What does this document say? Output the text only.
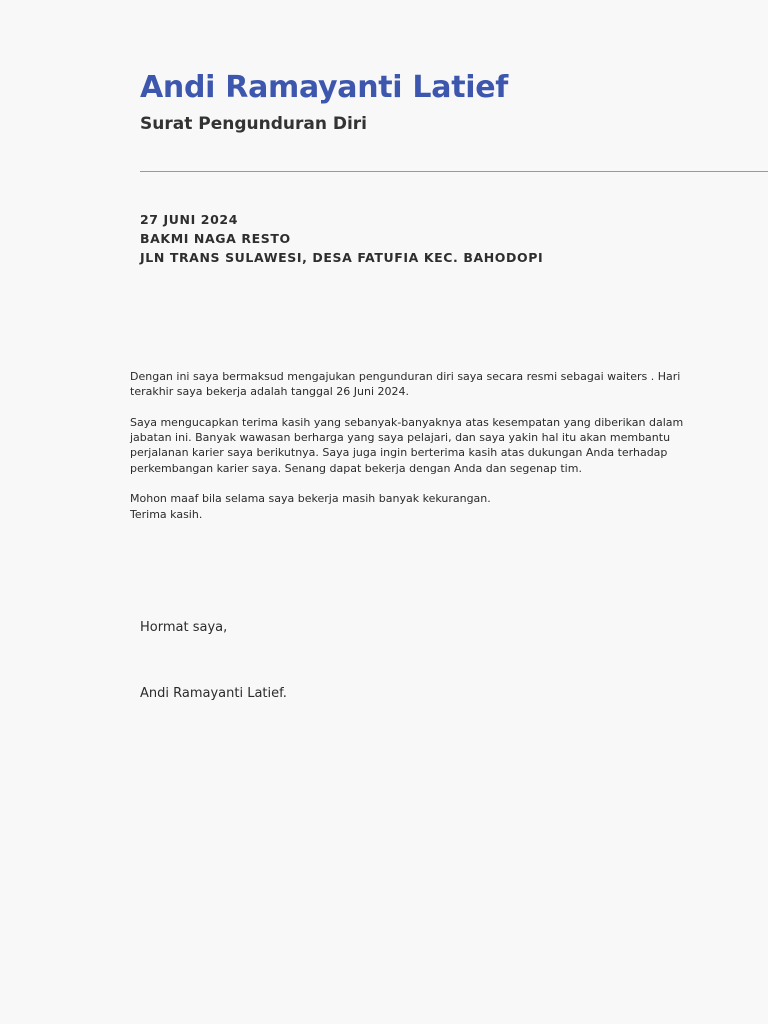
Andi Ramayanti Latief
Surat Pengunduran Diri
27 JUNI 2024
BAKMI NAGA RESTO
JLN TRANS SULAWESI, DESA FATUFIA KEC. BAHODOPI

Dengan ini saya bermaksud mengajukan pengunduran diri saya secara resmi sebagai waiters . Hari terakhir saya bekerja adalah tanggal 26 Juni 2024.

Saya mengucapkan terima kasih yang sebanyak-banyaknya atas kesempatan yang diberikan dalam jabatan ini. Banyak wawasan berharga yang saya pelajari, dan saya yakin hal itu akan membantu perjalanan karier saya berikutnya. Saya juga ingin berterima kasih atas dukungan Anda terhadap perkembangan karier saya. Senang dapat bekerja dengan Anda dan segenap tim.

Mohon maaf bila selama saya bekerja masih banyak kekurangan.

Terima kasih.

Hormat saya,
Andi Ramayanti Latief.
